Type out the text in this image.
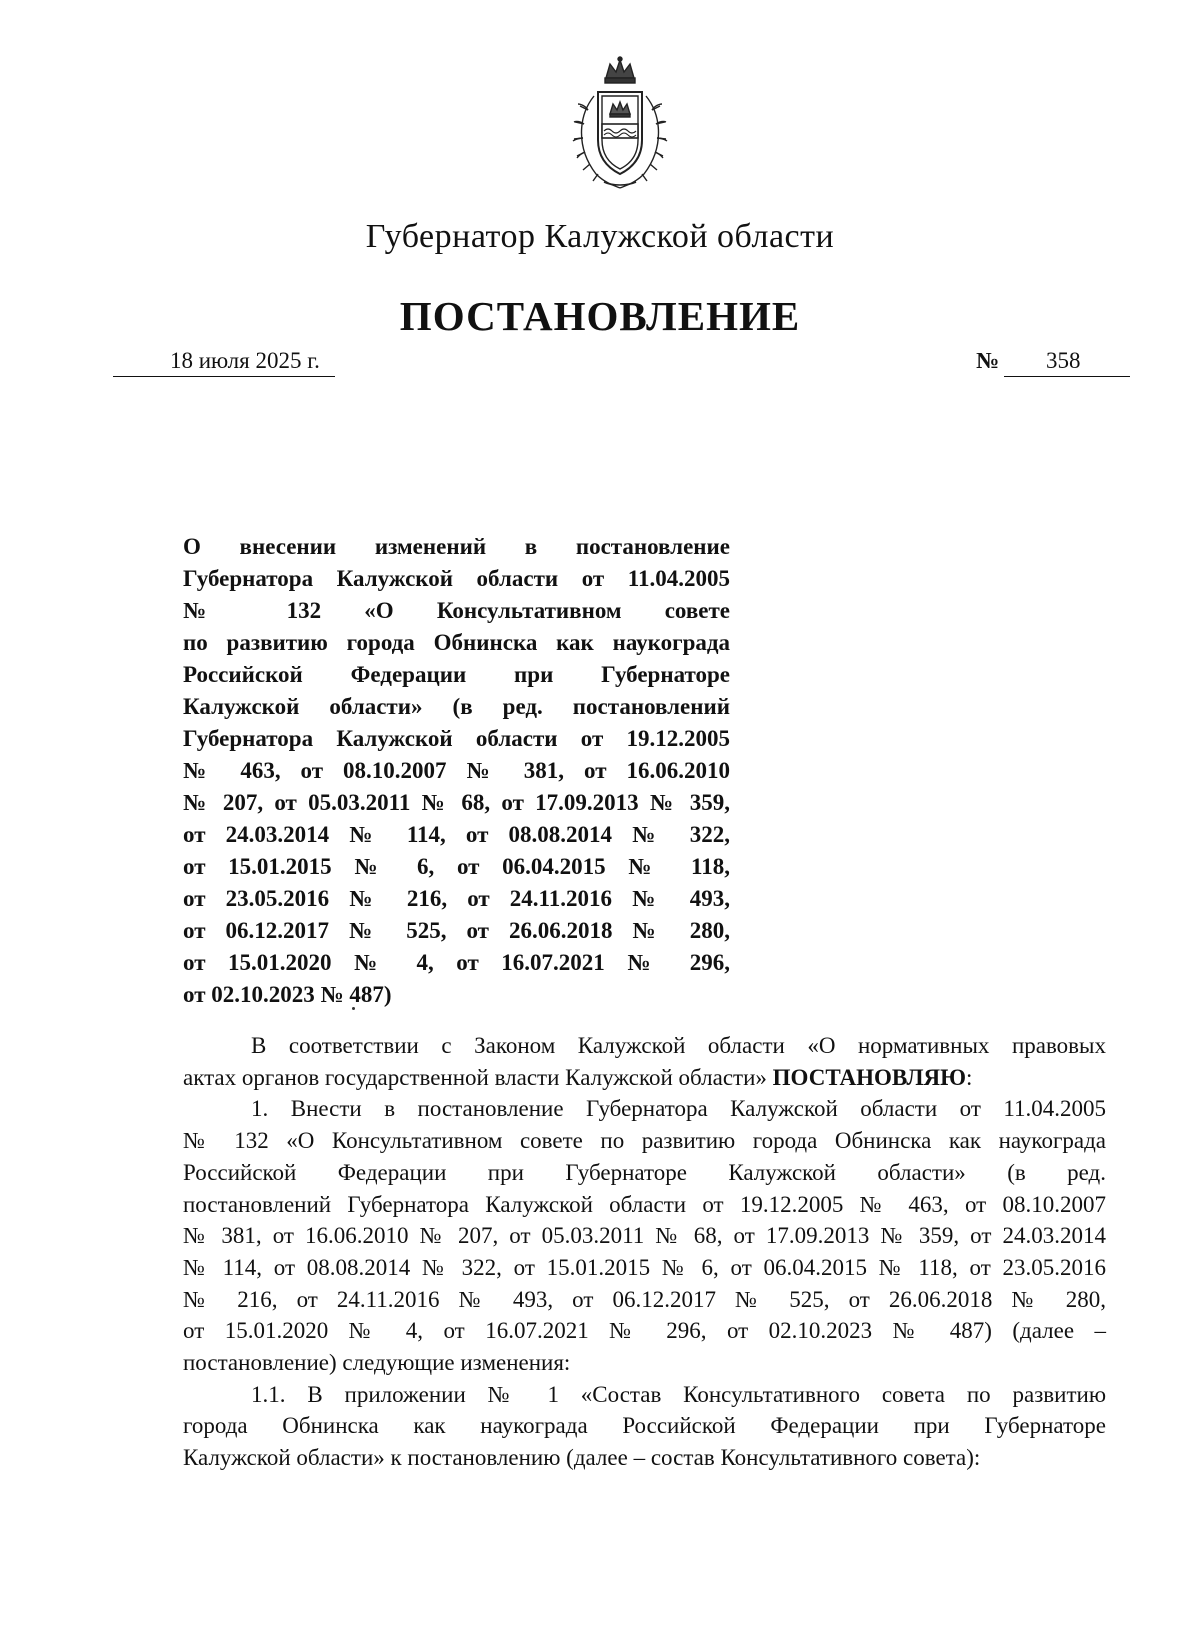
Губернатор Калужской области
ПОСТАНОВЛЕНИЕ
18 июля 2025 г.	№ 358
О внесении изменений в постановление
Губернатора Калужской области от 11.04.2005
№ 132 «О Консультативном совете
по развитию города Обнинска как наукограда
Российской Федерации при Губернаторе
Калужской области» (в ред. постановлений
Губернатора Калужской области от 19.12.2005
№ 463, от 08.10.2007 № 381, от 16.06.2010
№ 207, от 05.03.2011 № 68, от 17.09.2013 № 359,
от 24.03.2014 № 114, от 08.08.2014 № 322,
от 15.01.2015 № 6, от 06.04.2015 № 118,
от 23.05.2016 № 216, от 24.11.2016 № 493,
от 06.12.2017 № 525, от 26.06.2018 № 280,
от 15.01.2020 № 4, от 16.07.2021 № 296,
от 02.10.2023 № 487)
В соответствии с Законом Калужской области «О нормативных правовых
актах органов государственной власти Калужской области» ПОСТАНОВЛЯЮ:
1. Внести в постановление Губернатора Калужской области от 11.04.2005
№ 132 «О Консультативном совете по развитию города Обнинска как наукограда
Российской Федерации при Губернаторе Калужской области» (в ред.
постановлений Губернатора Калужской области от 19.12.2005 № 463, от 08.10.2007
№ 381, от 16.06.2010 № 207, от 05.03.2011 № 68, от 17.09.2013 № 359, от 24.03.2014
№ 114, от 08.08.2014 № 322, от 15.01.2015 № 6, от 06.04.2015 № 118, от 23.05.2016
№ 216, от 24.11.2016 № 493, от 06.12.2017 № 525, от 26.06.2018 № 280,
от 15.01.2020 № 4, от 16.07.2021 № 296, от 02.10.2023 № 487) (далее –
постановление) следующие изменения:
1.1. В приложении № 1 «Состав Консультативного совета по развитию
города Обнинска как наукограда Российской Федерации при Губернаторе
Калужской области» к постановлению (далее – состав Консультативного совета):
